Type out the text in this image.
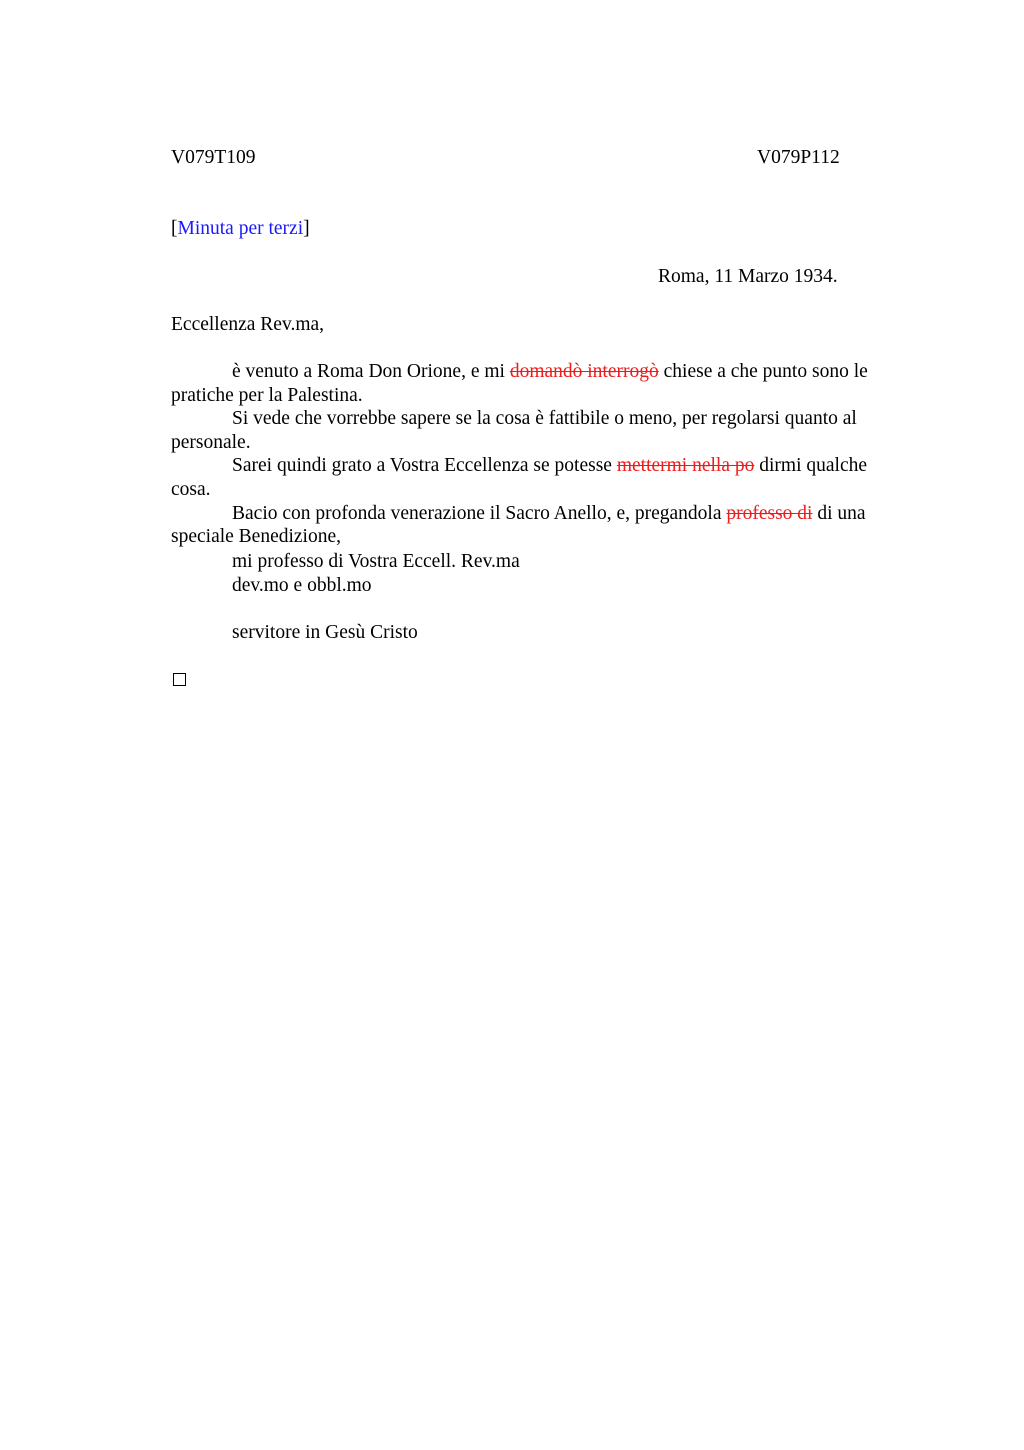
V079T109	V079P112
[Minuta per terzi]
Roma, 11 Marzo 1934.
Eccellenza Rev.ma,

è venuto a Roma Don Orione, e mi domandò interrogò chiese a che punto sono le pratiche per la Palestina.

Si vede che vorrebbe sapere se la cosa è fattibile o meno, per regolarsi quanto al personale.

Sarei quindi grato a Vostra Eccellenza se potesse mettermi nella po dirmi qualche cosa.

Bacio con profonda venerazione il Sacro Anello, e, pregandola professo di di una speciale Benedizione,

mi professo di Vostra Eccell. Rev.ma
dev.mo e obbl.mo
servitore in Gesù Cristo
